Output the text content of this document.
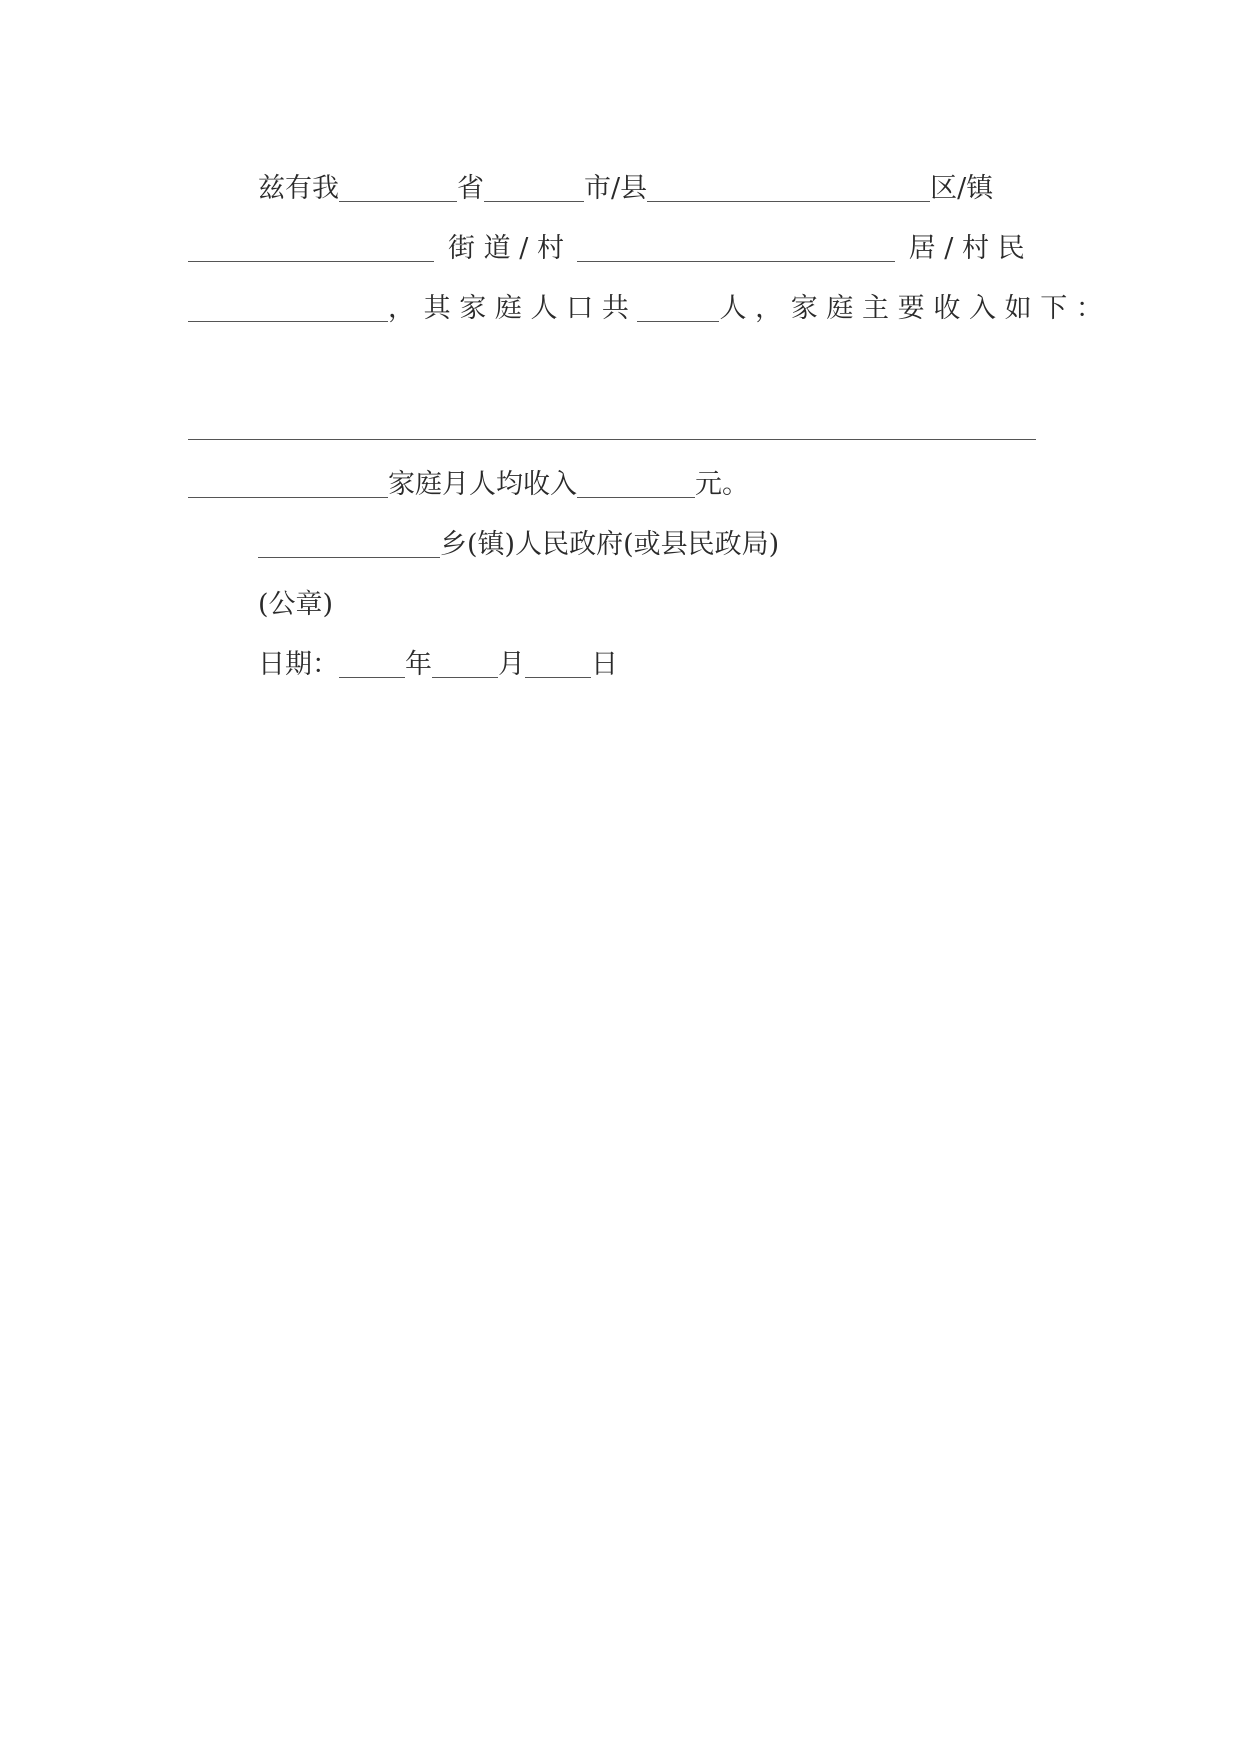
兹有我	省	市/县	区/镇
街道/村	居/村民
，其家庭人口共	人，家庭主要收入如下：
家庭月人均收入	元。
乡(镇)人民政府(或县民政局)
(公章)
日期： 年 月 日
